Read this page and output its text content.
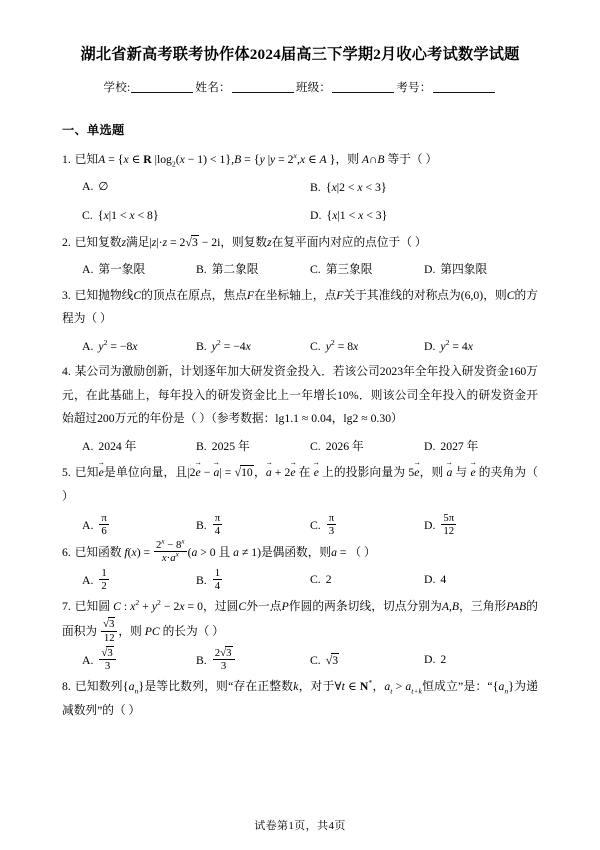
湖北省新高考联考协作体2024届高三下学期2月收心考试数学试题
学校:	姓名：	班级：	考号：
一、单选题
1. 已知A = {x ∈ R $|\log_2(x - 1) < 1\},B = \{y$ $|y = 2^x,x$ ∈ A }，则 A∩B 等于（ ）
A. ∅	B. {x|2 < x < 3}
C. {x|1 < x < 8}	D. {x|1 < x < 3}
2. 已知复数z满足|z|·z = 2√3 − 2i，则复数z在复平面内对应的点位于（ ）
A. 第一象限	B. 第二象限	C. 第三象限	D. 第四象限
3. 已知抛物线C的顶点在原点，焦点F在坐标轴上，点F关于其准线的对称点为(6,0)，则C的方程为（ ）
A. $y^2 = -8x$	B. $y^2 = -4x$	C. $y^2 = 8x$	D. $y^2 = 4x$
4. 某公司为激励创新，计划逐年加大研发资金投入．若该公司2023年全年投入研发资金160万元，在此基础上，每年投入的研发资金比上一年增长10%．则该公司全年投入的研发资金开始超过200万元的年份是（ ）（参考数据：lg1.1 ≈ 0.04，lg2 ≈ 0.30）
A. 2024 年	B. 2025 年	C. 2026 年	D. 2027 年
5. 已知e →是单位向量，且|2e → − a →| = √10，a → + 2e → 在 e → 上的投影向量为 5e →，则 a → 与 e → 的夹角为（ ）
A. $\frac{\pi}{6}$	B. $\frac{\pi}{4}$	C. $\frac{\pi}{3}$	D. $\frac{5\pi}{12}$
6. 已知函数 $f(x) = \frac{2^x - 8^x}{x\cdot a^x} (a > 0$ 且 a ≠ 1)是偶函数，则a = （ ）
A. $\frac{1}{2}$	B. $\frac{1}{4}$	C. 2	D. 4
7. 已知圆 C : $x^2 + y^2 - 2x = 0$，过圆C外一点P作圆的两条切线，切点分别为A,B，三角形PAB的面积为 $\frac{√3}{12}$ ，则 PC 的长为（ ）
A. $\frac{√3}{3}$	B. $\frac{2√3}{3}$	C. √3	D. 2
8. 已知数列$\{a_n\}$是等比数列，则“存在正整数k，对于∀t ∈ N*，$a_t > a_{t+k}$恒成立”是：“$\{a_n\}$为递减数列”的（ ）
试卷第1页，共4页
